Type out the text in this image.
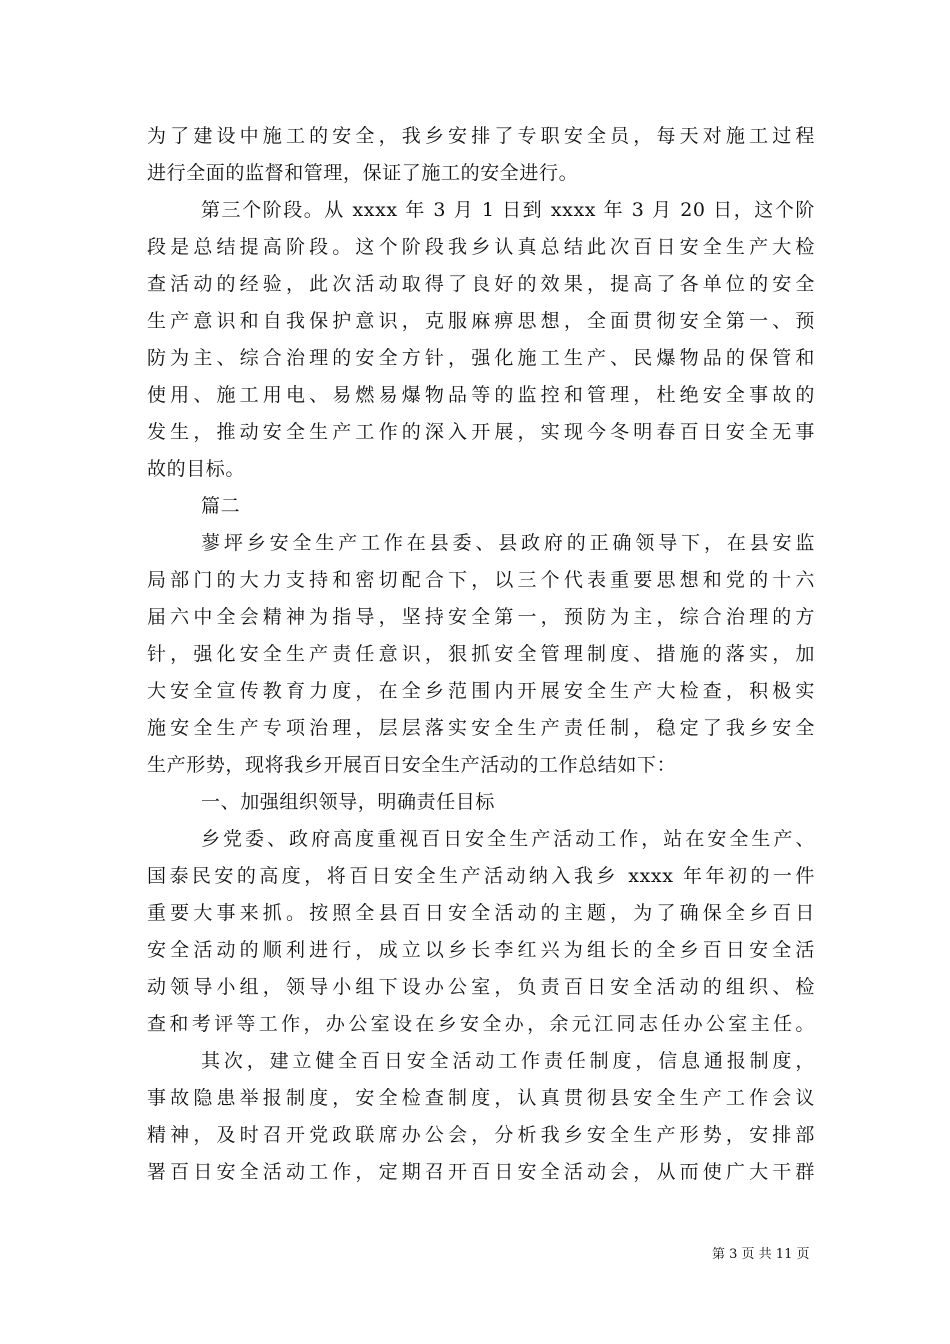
为了建设中施工的安全，我乡安排了专职安全员，每天对施工过程
进行全面的监督和管理，保证了施工的安全进行。
第三个阶段。从 xxxx 年 3 月 1 日到 xxxx 年 3 月 20 日，这个阶
段是总结提高阶段。这个阶段我乡认真总结此次百日安全生产大检
查活动的经验，此次活动取得了良好的效果，提高了各单位的安全
生产意识和自我保护意识，克服麻痹思想，全面贯彻安全第一、预
防为主、综合治理的安全方针，强化施工生产、民爆物品的保管和
使用、施工用电、易燃易爆物品等的监控和管理，杜绝安全事故的
发生，推动安全生产工作的深入开展，实现今冬明春百日安全无事
故的目标。
篇二
蓼坪乡安全生产工作在县委、县政府的正确领导下，在县安监
局部门的大力支持和密切配合下，以三个代表重要思想和党的十六
届六中全会精神为指导，坚持安全第一，预防为主，综合治理的方
针，强化安全生产责任意识，狠抓安全管理制度、措施的落实，加
大安全宣传教育力度，在全乡范围内开展安全生产大检查，积极实
施安全生产专项治理，层层落实安全生产责任制，稳定了我乡安全
生产形势，现将我乡开展百日安全生产活动的工作总结如下：
一、加强组织领导，明确责任目标
乡党委、政府高度重视百日安全生产活动工作，站在安全生产、
国泰民安的高度，将百日安全生产活动纳入我乡 xxxx 年年初的一件
重要大事来抓。按照全县百日安全活动的主题，为了确保全乡百日
安全活动的顺利进行，成立以乡长李红兴为组长的全乡百日安全活
动领导小组，领导小组下设办公室，负责百日安全活动的组织、检
查和考评等工作，办公室设在乡安全办，余元江同志任办公室主任。
其次，建立健全百日安全活动工作责任制度，信息通报制度，
事故隐患举报制度，安全检查制度，认真贯彻县安全生产工作会议
精神，及时召开党政联席办公会，分析我乡安全生产形势，安排部
署百日安全活动工作，定期召开百日安全活动会，从而使广大干群
第 3 页 共 11 页
